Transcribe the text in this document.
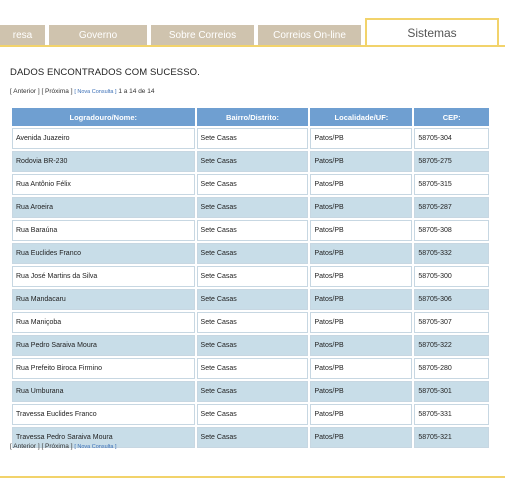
resa	Governo	Sobre Correios	Correios On-line	Sistemas
DADOS ENCONTRADOS COM SUCESSO.
[ Anterior ] [ Próxima ] [ Nova Consulta ] 1 a 14 de 14
Logradouro/Nome:	Bairro/Distrito:	Localidade/UF:	CEP:
Avenida Juazeiro	Sete Casas	Patos/PB	58705-304
Rodovia BR-230	Sete Casas	Patos/PB	58705-275
Rua Antônio Félix	Sete Casas	Patos/PB	58705-315
Rua Aroeira	Sete Casas	Patos/PB	58705-287
Rua Baraúna	Sete Casas	Patos/PB	58705-308
Rua Euclides Franco	Sete Casas	Patos/PB	58705-332
Rua José Martins da Silva	Sete Casas	Patos/PB	58705-300
Rua Mandacaru	Sete Casas	Patos/PB	58705-306
Rua Maniçoba	Sete Casas	Patos/PB	58705-307
Rua Pedro Saraiva Moura	Sete Casas	Patos/PB	58705-322
Rua Prefeito Biroca Firmino	Sete Casas	Patos/PB	58705-280
Rua Umburana	Sete Casas	Patos/PB	58705-301
Travessa Euclides Franco	Sete Casas	Patos/PB	58705-331
Travessa Pedro Saraiva Moura	Sete Casas	Patos/PB	58705-321
[ Anterior ] [ Próxima ] [ Nova Consulta ]
